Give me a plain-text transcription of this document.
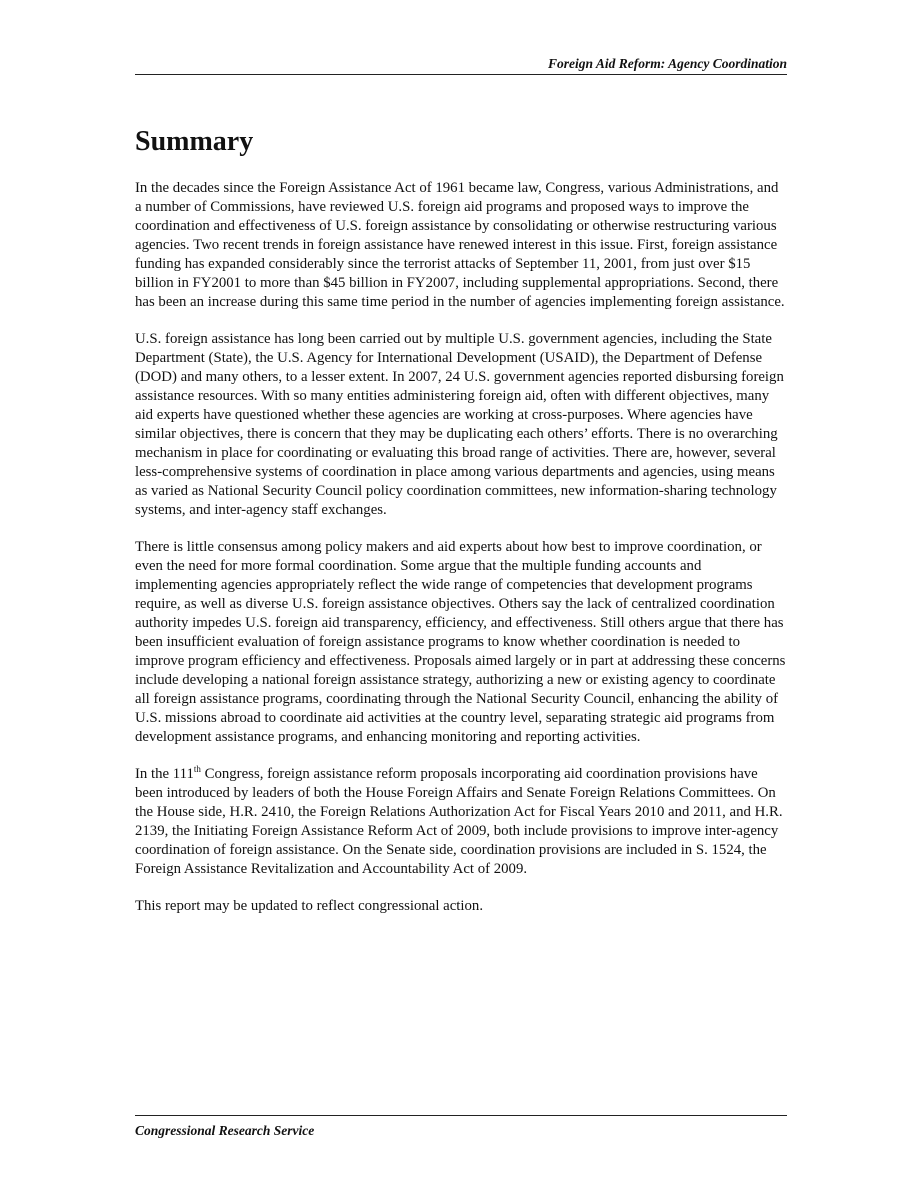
Foreign Aid Reform: Agency Coordination
Summary

In the decades since the Foreign Assistance Act of 1961 became law, Congress, various Administrations, and a number of Commissions, have reviewed U.S. foreign aid programs and proposed ways to improve the coordination and effectiveness of U.S. foreign assistance by consolidating or otherwise restructuring various agencies. Two recent trends in foreign assistance have renewed interest in this issue. First, foreign assistance funding has expanded considerably since the terrorist attacks of September 11, 2001, from just over $15 billion in FY2001 to more than $45 billion in FY2007, including supplemental appropriations. Second, there has been an increase during this same time period in the number of agencies implementing foreign assistance.

U.S. foreign assistance has long been carried out by multiple U.S. government agencies, including the State Department (State), the U.S. Agency for International Development (USAID), the Department of Defense (DOD) and many others, to a lesser extent. In 2007, 24 U.S. government agencies reported disbursing foreign assistance resources. With so many entities administering foreign aid, often with different objectives, many aid experts have questioned whether these agencies are working at cross-purposes. Where agencies have similar objectives, there is concern that they may be duplicating each others’ efforts. There is no overarching mechanism in place for coordinating or evaluating this broad range of activities. There are, however, several less-comprehensive systems of coordination in place among various departments and agencies, using means as varied as National Security Council policy coordination committees, new information-sharing technology systems, and inter-agency staff exchanges.

There is little consensus among policy makers and aid experts about how best to improve coordination, or even the need for more formal coordination. Some argue that the multiple funding accounts and implementing agencies appropriately reflect the wide range of competencies that development programs require, as well as diverse U.S. foreign assistance objectives. Others say the lack of centralized coordination authority impedes U.S. foreign aid transparency, efficiency, and effectiveness. Still others argue that there has been insufficient evaluation of foreign assistance programs to know whether coordination is needed to improve program efficiency and effectiveness. Proposals aimed largely or in part at addressing these concerns include developing a national foreign assistance strategy, authorizing a new or existing agency to coordinate all foreign assistance programs, coordinating through the National Security Council, enhancing the ability of U.S. missions abroad to coordinate aid activities at the country level, separating strategic aid programs from development assistance programs, and enhancing monitoring and reporting activities.

In the 111th Congress, foreign assistance reform proposals incorporating aid coordination provisions have been introduced by leaders of both the House Foreign Affairs and Senate Foreign Relations Committees. On the House side, H.R. 2410, the Foreign Relations Authorization Act for Fiscal Years 2010 and 2011, and H.R. 2139, the Initiating Foreign Assistance Reform Act of 2009, both include provisions to improve inter-agency coordination of foreign assistance. On the Senate side, coordination provisions are included in S. 1524, the Foreign Assistance Revitalization and Accountability Act of 2009.

This report may be updated to reflect congressional action.

Congressional Research Service
